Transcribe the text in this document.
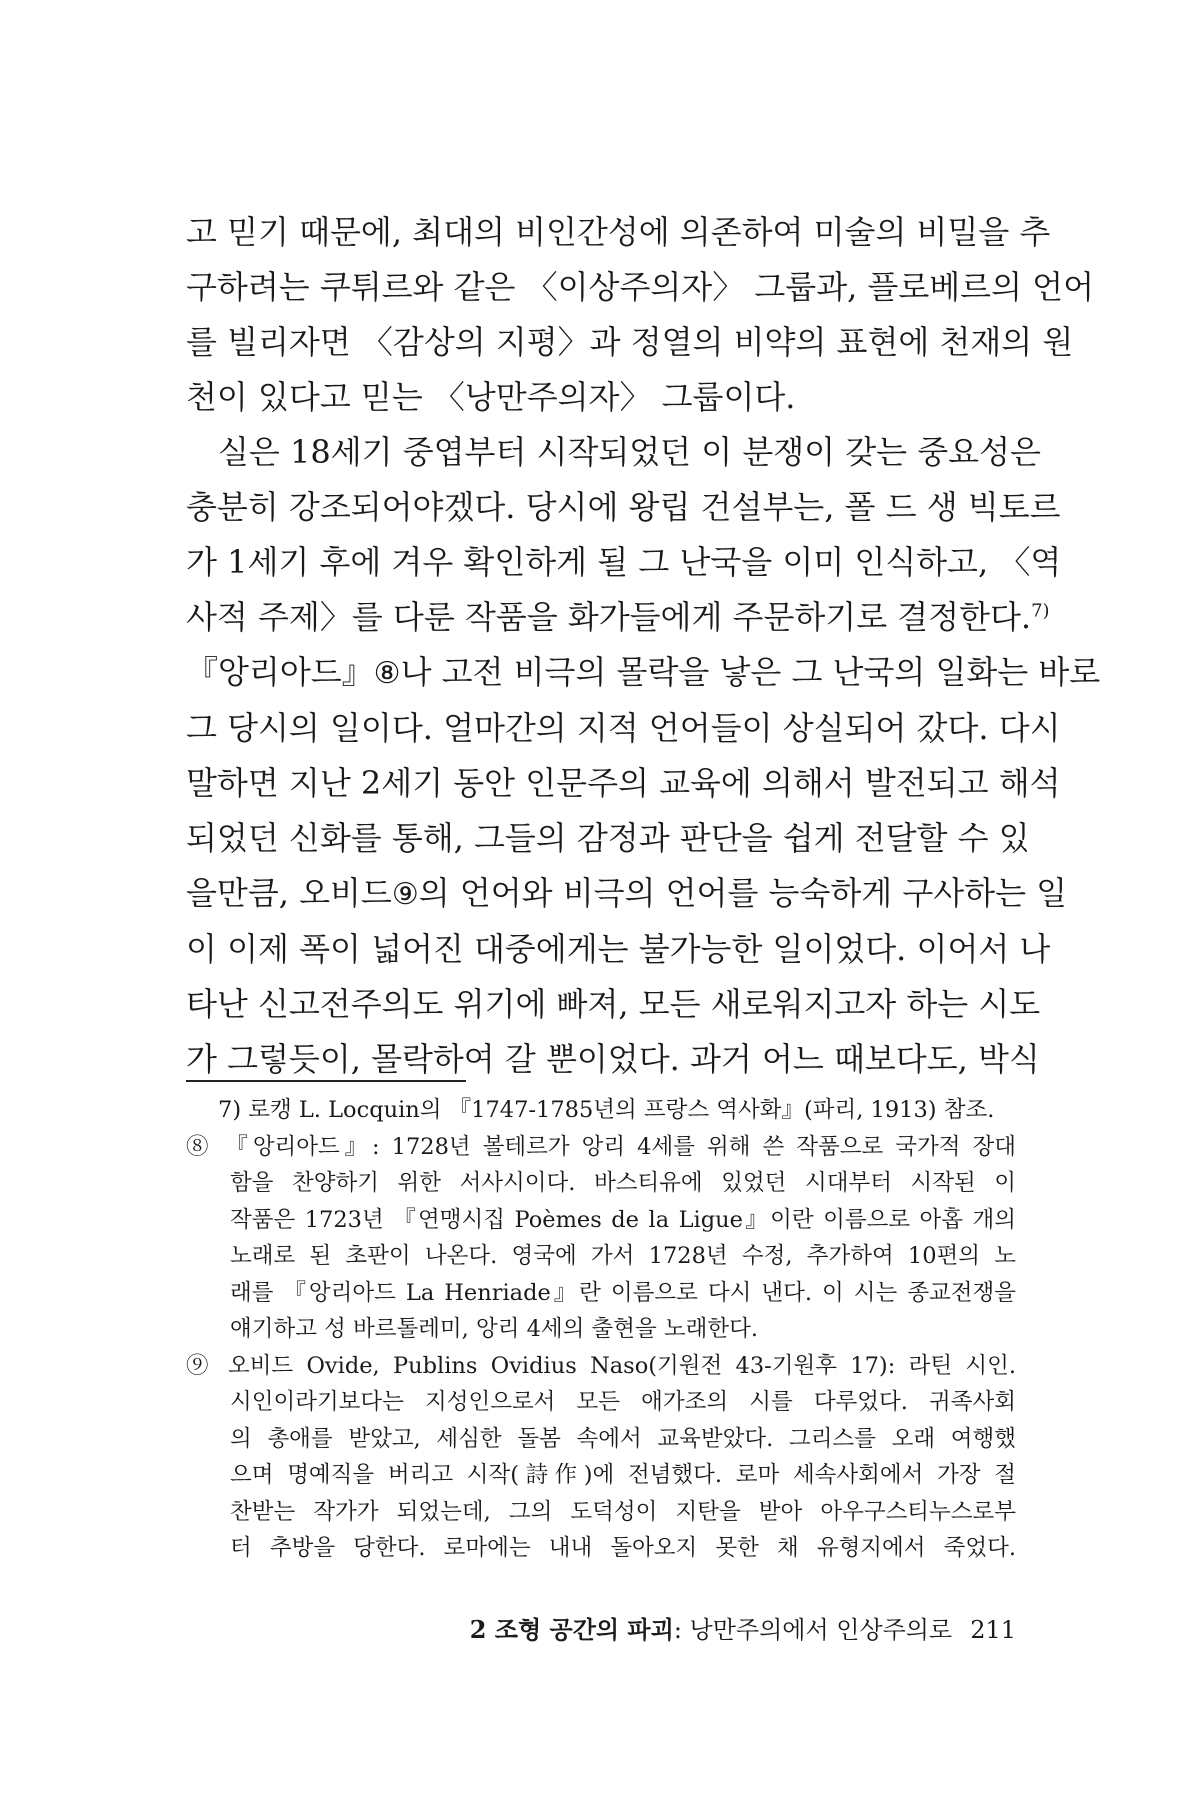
고 믿기 때문에, 최대의 비인간성에 의존하여 미술의 비밀을 추
구하려는 쿠튀르와 같은 〈이상주의자〉 그룹과, 플로베르의 언어
를 빌리자면 〈감상의 지평〉과 정열의 비약의 표현에 천재의 원
천이 있다고 믿는 〈낭만주의자〉 그룹이다.
실은 18세기 중엽부터 시작되었던 이 분쟁이 갖는 중요성은
충분히 강조되어야겠다. 당시에 왕립 건설부는, 폴 드 생 빅토르
가 1세기 후에 겨우 확인하게 될 그 난국을 이미 인식하고, 〈역
사적 주제〉를 다룬 작품을 화가들에게 주문하기로 결정한다.$^{7)}$
『앙리아드』⑧나 고전 비극의 몰락을 낳은 그 난국의 일화는 바로
그 당시의 일이다. 얼마간의 지적 언어들이 상실되어 갔다. 다시
말하면 지난 2세기 동안 인문주의 교육에 의해서 발전되고 해석
되었던 신화를 통해, 그들의 감정과 판단을 쉽게 전달할 수 있
을만큼, 오비드⑨의 언어와 비극의 언어를 능숙하게 구사하는 일
이 이제 폭이 넓어진 대중에게는 불가능한 일이었다. 이어서 나
타난 신고전주의도 위기에 빠져, 모든 새로워지고자 하는 시도
가 그렇듯이, 몰락하여 갈 뿐이었다. 과거 어느 때보다도, 박식
7) 로캥 L. Locquin의 『1747-1785년의 프랑스 역사화』(파리, 1913) 참조.
⑧ 『앙리아드』: 1728년 볼테르가 앙리 4세를 위해 쓴 작품으로 국가적 장대
함을 찬양하기 위한 서사시이다. 바스티유에 있었던 시대부터 시작된 이
작품은 1723년 『연맹시집 Poèmes de la Ligue』이란 이름으로 아홉 개의
노래로 된 초판이 나온다. 영국에 가서 1728년 수정, 추가하여 10편의 노
래를 『앙리아드 La Henriade』란 이름으로 다시 낸다. 이 시는 종교전쟁을
얘기하고 성 바르톨레미, 앙리 4세의 출현을 노래한다.
⑨ 오비드 Ovide, Publins Ovidius Naso(기원전 43-기원후 17): 라틴 시인.
시인이라기보다는 지성인으로서 모든 애가조의 시를 다루었다. 귀족사회
의 총애를 받았고, 세심한 돌봄 속에서 교육받았다. 그리스를 오래 여행했
으며 명예직을 버리고 시작(詩作)에 전념했다. 로마 세속사회에서 가장 절
찬받는 작가가 되었는데, 그의 도덕성이 지탄을 받아 아우구스티누스로부
터 추방을 당한다. 로마에는 내내 돌아오지 못한 채 유형지에서 죽었다.
2 조형 공간의 파괴: 낭만주의에서 인상주의로 211
